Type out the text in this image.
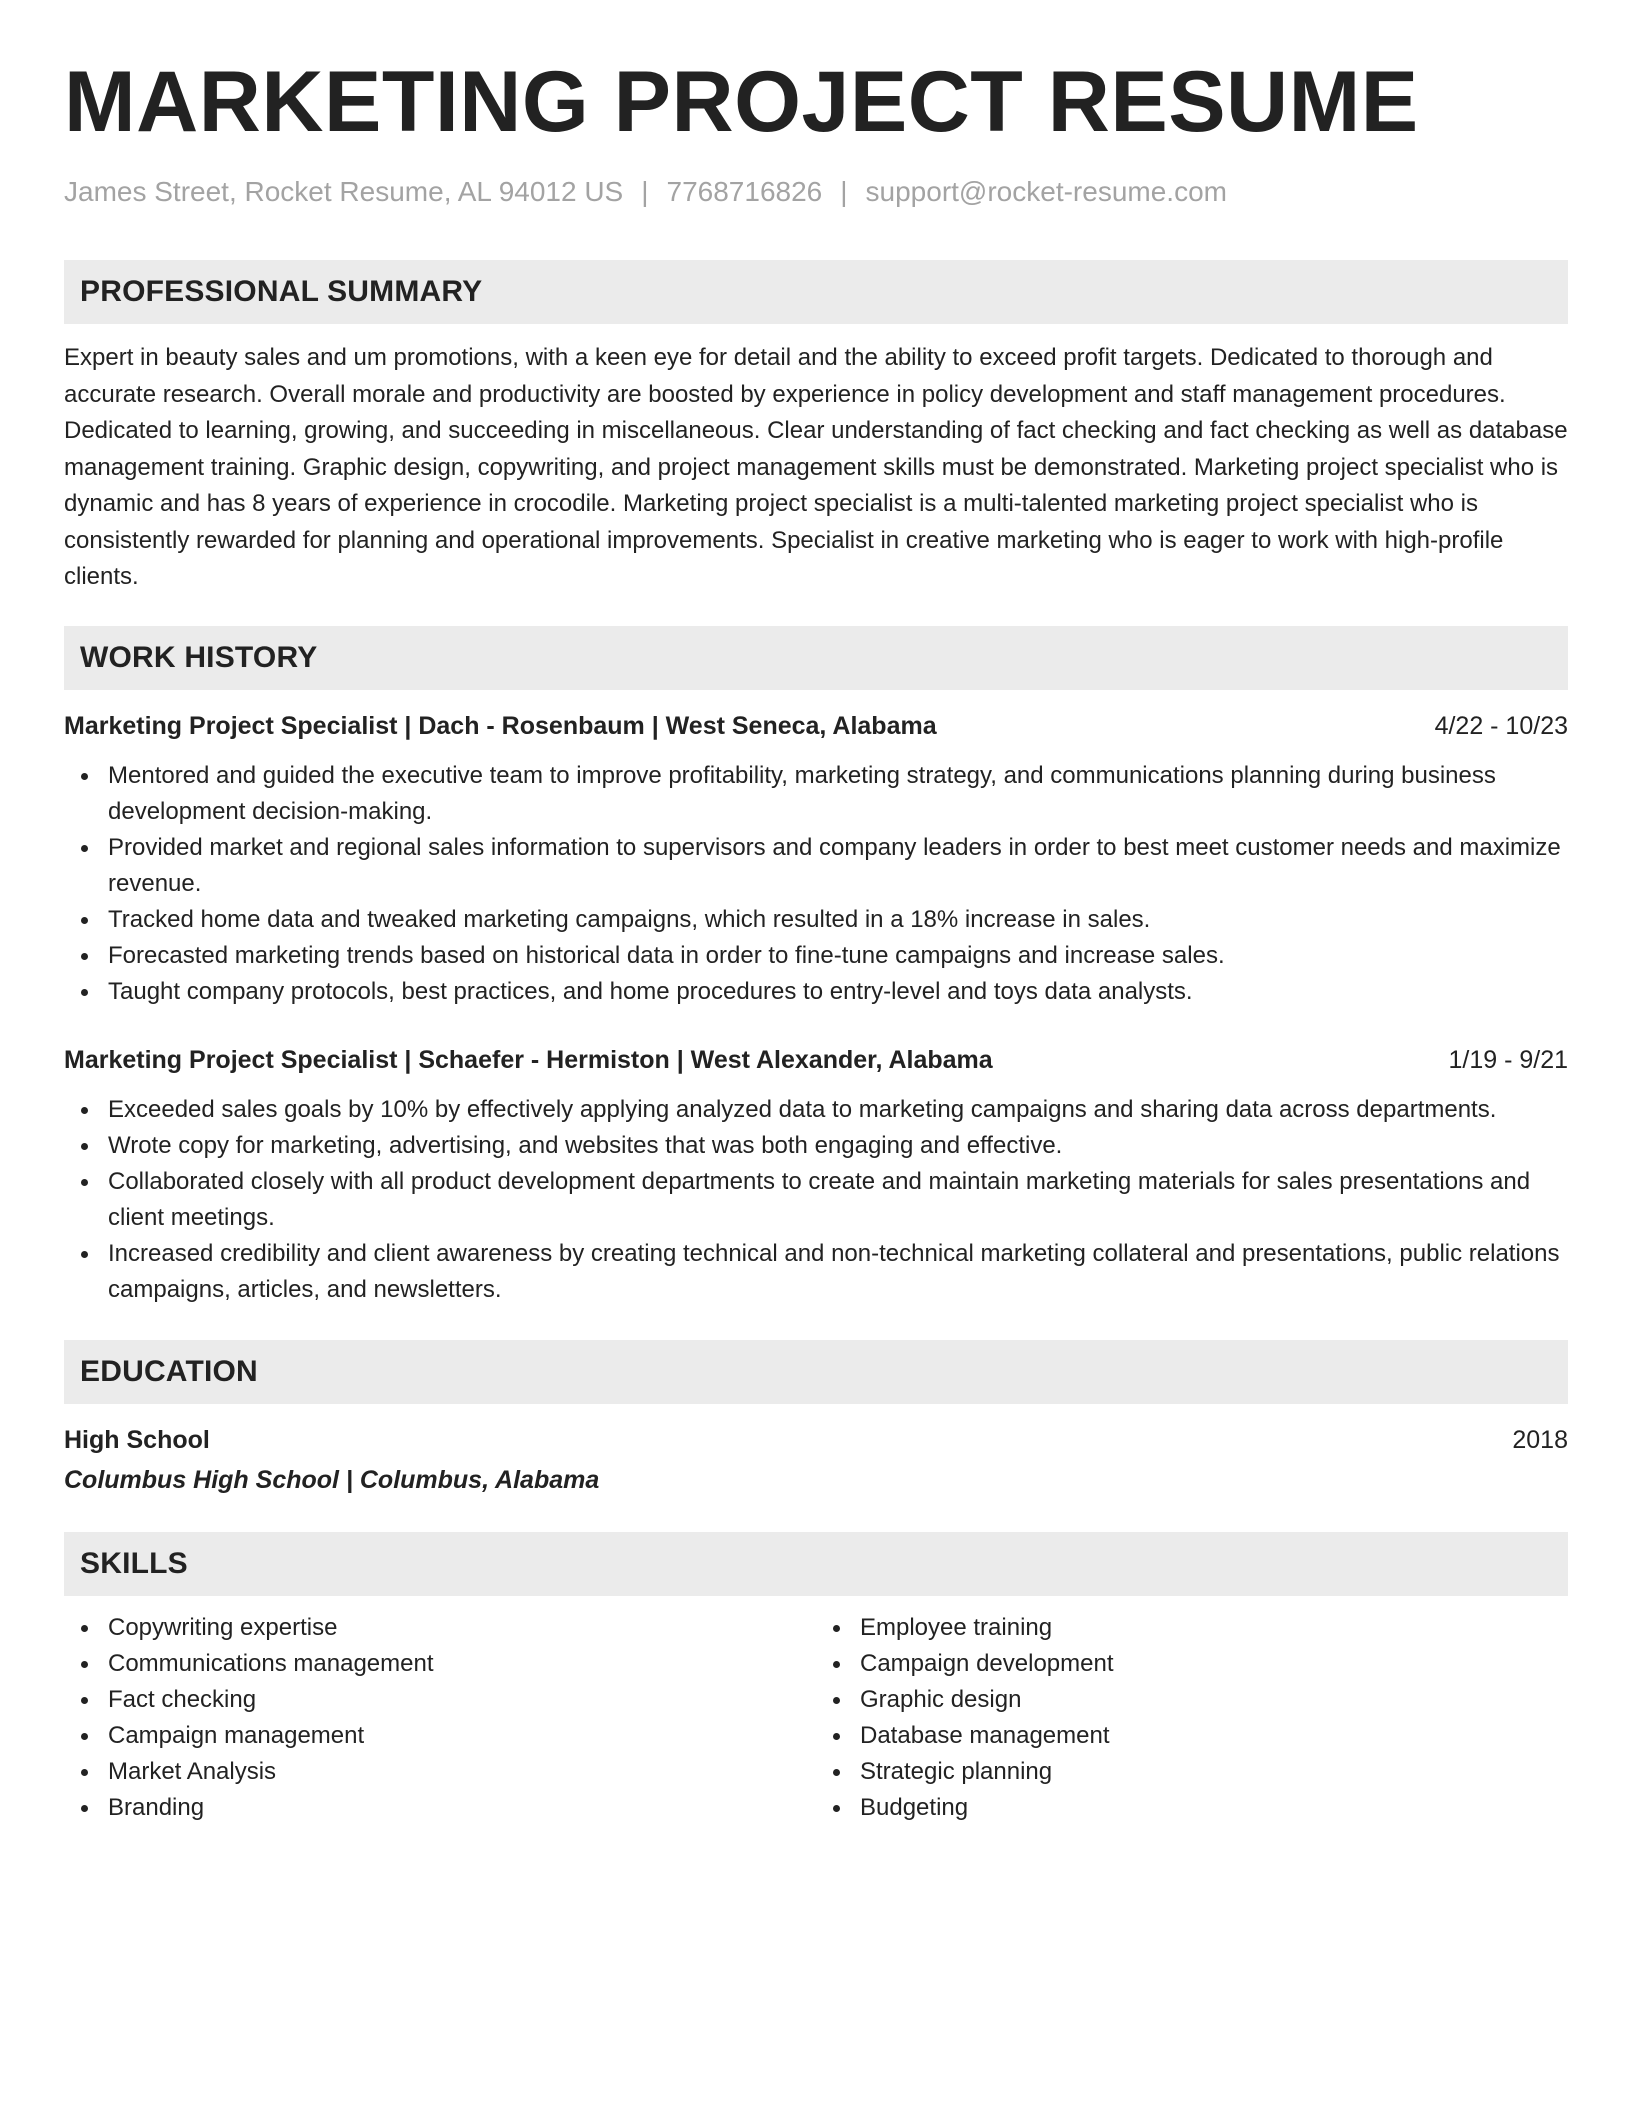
MARKETING PROJECT RESUME
James Street, Rocket Resume, AL 94012 US | 7768716826 | support@rocket-resume.com
PROFESSIONAL SUMMARY

Expert in beauty sales and um promotions, with a keen eye for detail and the ability to exceed profit targets. Dedicated to thorough and accurate research. Overall morale and productivity are boosted by experience in policy development and staff management procedures. Dedicated to learning, growing, and succeeding in miscellaneous. Clear understanding of fact checking and fact checking as well as database management training. Graphic design, copywriting, and project management skills must be demonstrated. Marketing project specialist who is dynamic and has 8 years of experience in crocodile. Marketing project specialist is a multi-talented marketing project specialist who is consistently rewarded for planning and operational improvements. Specialist in creative marketing who is eager to work with high-profile clients.

WORK HISTORY
Marketing Project Specialist | Dach - Rosenbaum | West Seneca, Alabama	4/22 - 10/23
Mentored and guided the executive team to improve profitability, marketing strategy, and communications planning during business development decision-making.
Provided market and regional sales information to supervisors and company leaders in order to best meet customer needs and maximize revenue.
Tracked home data and tweaked marketing campaigns, which resulted in a 18% increase in sales.
Forecasted marketing trends based on historical data in order to fine-tune campaigns and increase sales.
Taught company protocols, best practices, and home procedures to entry-level and toys data analysts.
Marketing Project Specialist | Schaefer - Hermiston | West Alexander, Alabama	1/19 - 9/21
Exceeded sales goals by 10% by effectively applying analyzed data to marketing campaigns and sharing data across departments.
Wrote copy for marketing, advertising, and websites that was both engaging and effective.
Collaborated closely with all product development departments to create and maintain marketing materials for sales presentations and client meetings.
Increased credibility and client awareness by creating technical and non-technical marketing collateral and presentations, public relations campaigns, articles, and newsletters.
EDUCATION
High School	2018
Columbus High School | Columbus, Alabama
SKILLS
Copywriting expertise
Communications management
Fact checking
Campaign management
Market Analysis
Branding
Employee training
Campaign development
Graphic design
Database management
Strategic planning
Budgeting
